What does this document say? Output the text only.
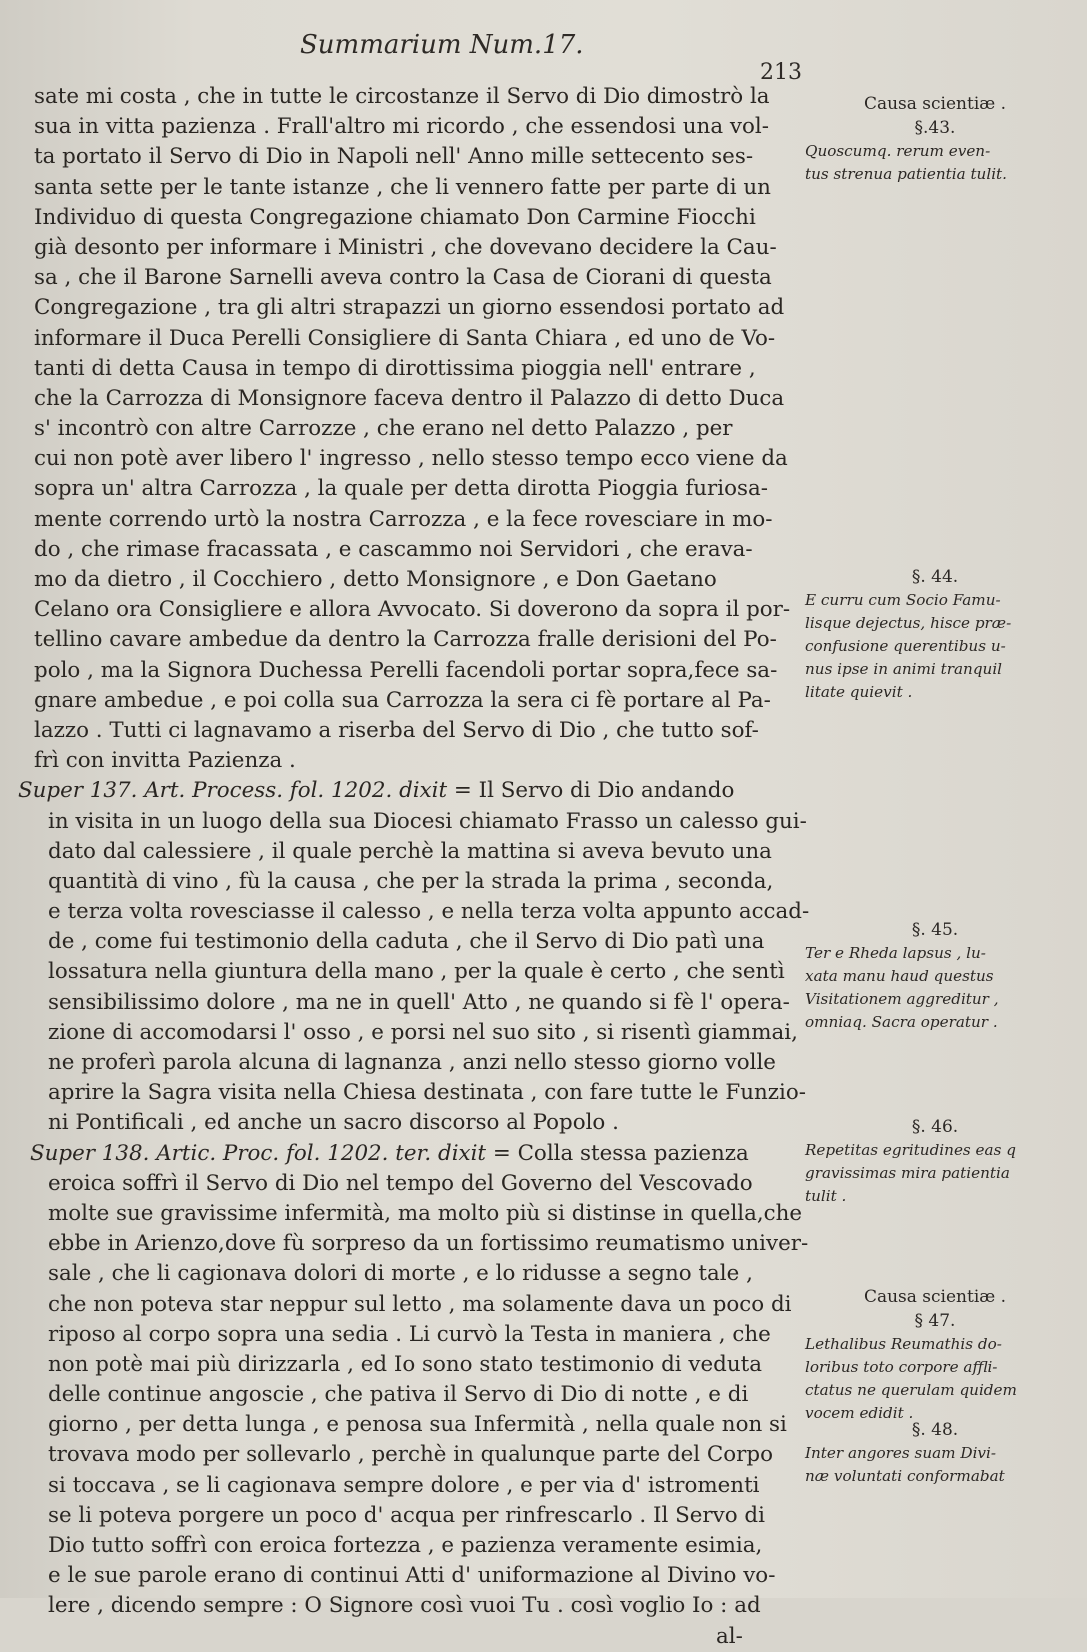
Summarium Num.17.
213
sate mi costa , che in tutte le circostanze il Servo di Dio dimostrò la
sua in vitta pazienza . Frall'altro mi ricordo , che essendosi una vol-
ta portato il Servo di Dio in Napoli nell' Anno mille settecento ses-
santa sette per le tante istanze , che li vennero fatte per parte di un
Individuo di questa Congregazione chiamato Don Carmine Fiocchi
già desonto per informare i Ministri , che dovevano decidere la Cau-
sa , che il Barone Sarnelli aveva contro la Casa de Ciorani di questa
Congregazione , tra gli altri strapazzi un giorno essendosi portato ad
informare il Duca Perelli Consigliere di Santa Chiara , ed uno de Vo-
tanti di detta Causa in tempo di dirottissima pioggia nell' entrare ,
che la Carrozza di Monsignore faceva dentro il Palazzo di detto Duca
s' incontrò con altre Carrozze , che erano nel detto Palazzo , per
cui non potè aver libero l' ingresso , nello stesso tempo ecco viene da
sopra un' altra Carrozza , la quale per detta dirotta Pioggia furiosa-
mente correndo urtò la nostra Carrozza , e la fece rovesciare in mo-
do , che rimase fracassata , e cascammo noi Servidori , che erava-
mo da dietro , il Cocchiero , detto Monsignore , e Don Gaetano
Celano ora Consigliere e allora Avvocato. Si doverono da sopra il por-
tellino cavare ambedue da dentro la Carrozza fralle derisioni del Po-
polo , ma la Signora Duchessa Perelli facendoli portar sopra,fece sa-
gnare ambedue , e poi colla sua Carrozza la sera ci fè portare al Pa-
lazzo . Tutti ci lagnavamo a riserba del Servo di Dio , che tutto sof-
frì con invitta Pazienza .
Super 137. Art. Process. fol. 1202. dixit = Il Servo di Dio andando
in visita in un luogo della sua Diocesi chiamato Frasso un calesso gui-
dato dal calessiere , il quale perchè la mattina si aveva bevuto una
quantità di vino , fù la causa , che per la strada la prima , seconda,
e terza volta rovesciasse il calesso , e nella terza volta appunto accad-
de , come fui testimonio della caduta , che il Servo di Dio patì una
lossatura nella giuntura della mano , per la quale è certo , che sentì
sensibilissimo dolore , ma ne in quell' Atto , ne quando si fè l' opera-
zione di accomodarsi l' osso , e porsi nel suo sito , si risentì giammai,
ne proferì parola alcuna di lagnanza , anzi nello stesso giorno volle
aprire la Sagra visita nella Chiesa destinata , con fare tutte le Funzio-
ni Pontificali , ed anche un sacro discorso al Popolo .
Super 138. Artic. Proc. fol. 1202. ter. dixit = Colla stessa pazienza
eroica soffrì il Servo di Dio nel tempo del Governo del Vescovado
molte sue gravissime infermità, ma molto più si distinse in quella,che
ebbe in Arienzo,dove fù sorpreso da un fortissimo reumatismo univer-
sale , che li cagionava dolori di morte , e lo ridusse a segno tale ,
che non poteva star neppur sul letto , ma solamente dava un poco di
riposo al corpo sopra una sedia . Li curvò la Testa in maniera , che
non potè mai più dirizzarla , ed Io sono stato testimonio di veduta
delle continue angoscie , che pativa il Servo di Dio di notte , e di
giorno , per detta lunga , e penosa sua Infermità , nella quale non si
trovava modo per sollevarlo , perchè in qualunque parte del Corpo
si toccava , se li cagionava sempre dolore , e per via d' istromenti
se li poteva porgere un poco d' acqua per rinfrescarlo . Il Servo di
Dio tutto soffrì con eroica fortezza , e pazienza veramente esimia,
e le sue parole erano di continui Atti d' uniformazione al Divino vo-
lere , dicendo sempre : O Signore così vuoi Tu . così voglio Io : ad
al-
Causa scientiæ .
§.43.
Quoscumq. rerum even-
tus strenua patientia tulit.
§. 44.
E curru cum Socio Famu-
lisque dejectus, hisce præ-
confusione querentibus u-
nus ipse in animi tranquil
litate quievit .
§. 45.
Ter e Rheda lapsus , lu-
xata manu haud questus
Visitationem aggreditur ,
omniaq. Sacra operatur .
§. 46.
Repetitas egritudines eas q
gravissimas mira patientia
tulit .
Causa scientiæ .
§ 47.
Lethalibus Reumathis do-
loribus toto corpore affli-
ctatus ne querulam quidem
vocem edidit .
§. 48.
Inter angores suam Divi-
næ voluntati conformabat
